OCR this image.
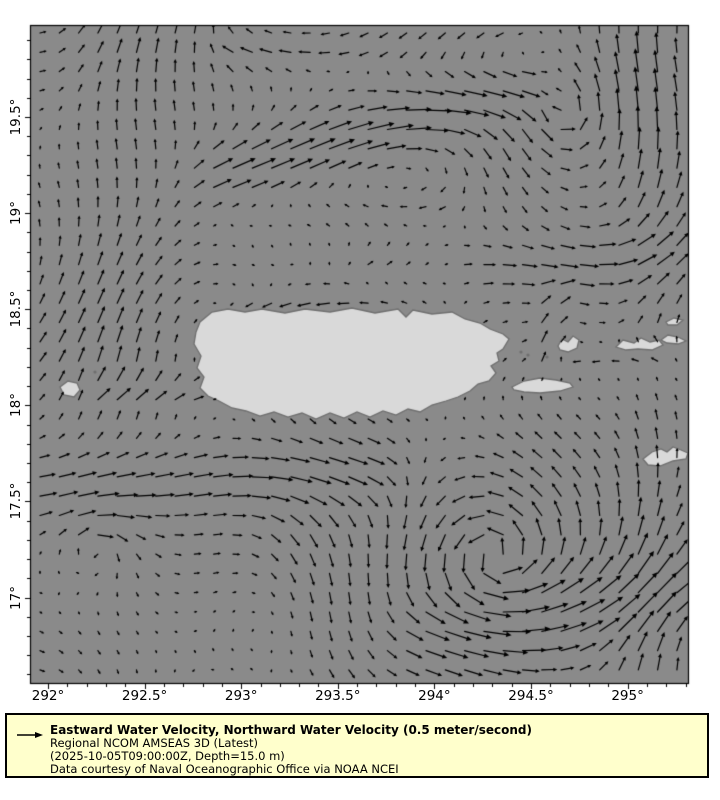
292°	292.5°	293°	293.5°	294°	294.5°	295°
17°
17.5°
18°
18.5°
19°
19.5°
Eastward Water Velocity, Northward Water Velocity (0.5 meter/second)
Regional NCOM AMSEAS 3D (Latest)
(2025-10-05T09:00:00Z, Depth=15.0 m)
Data courtesy of Naval Oceanographic Office via NOAA NCEI
